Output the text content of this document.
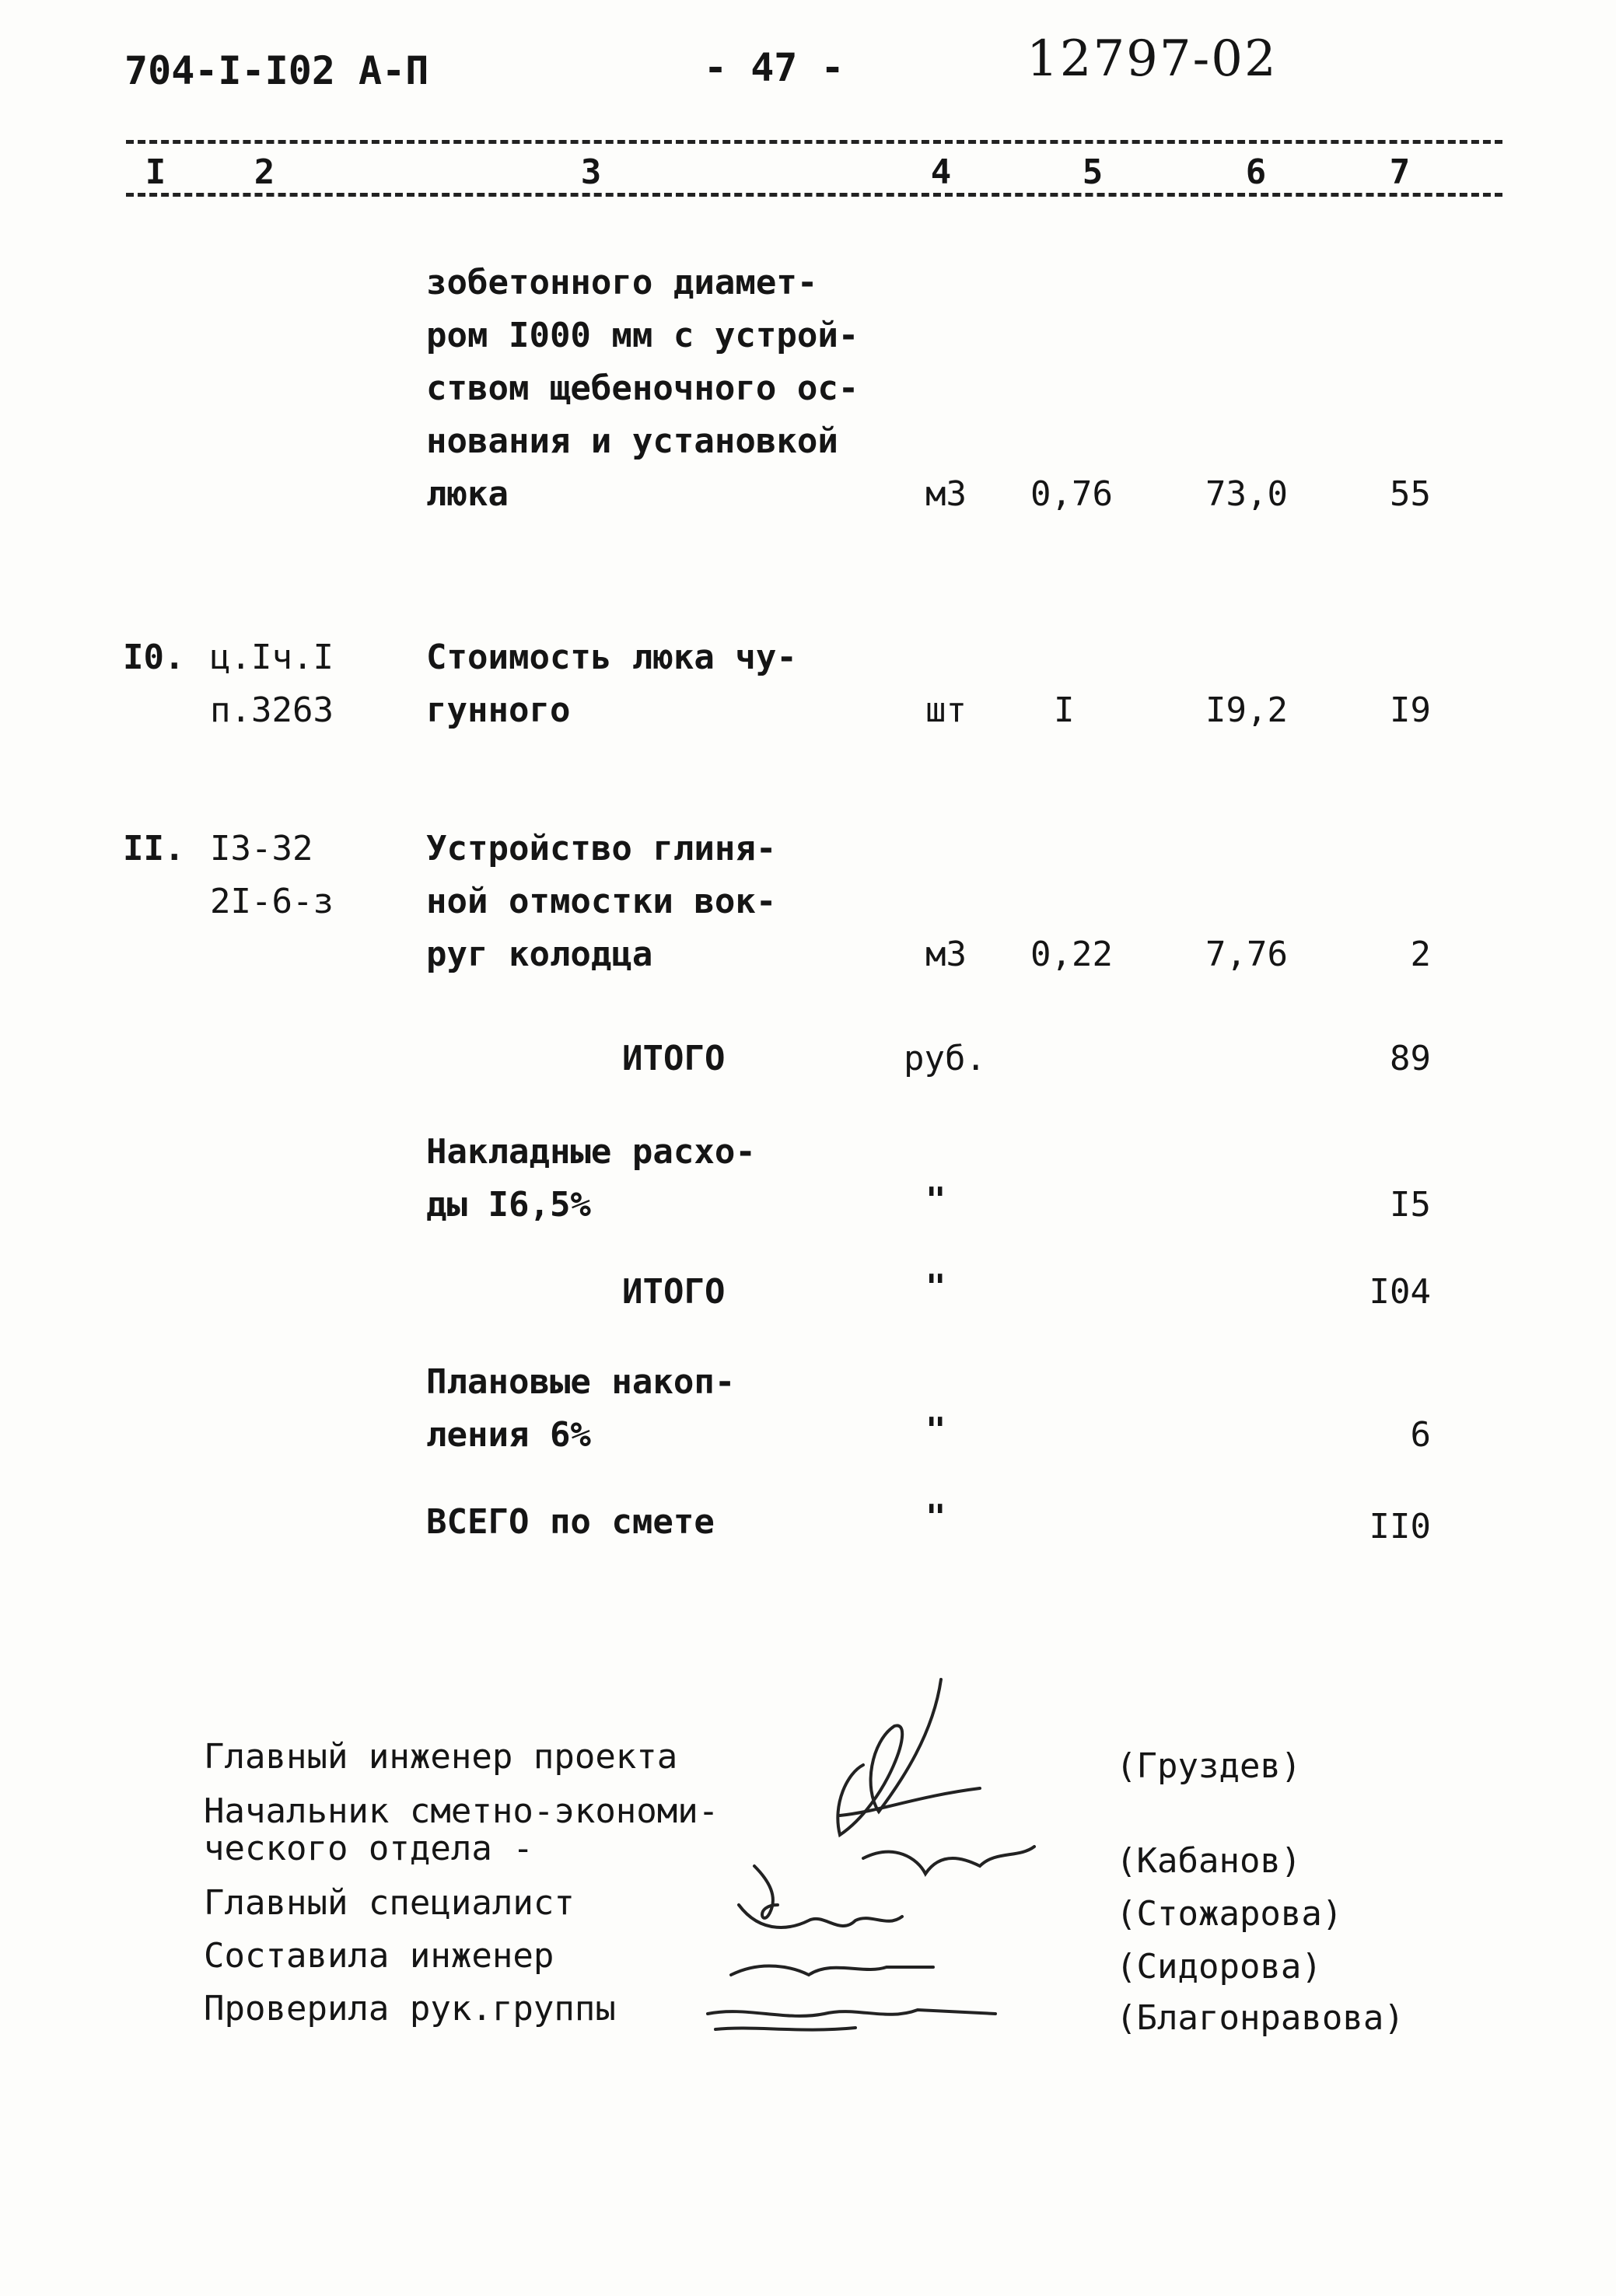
704-I-I02 А-П	- 47 -	12797-02
I	2	3	4	5	6	7
зобетонного диамет-
ром I000 мм с устрой-
ством щебеночного ос-
нования и установкой
люка	м3 0,76	73,0	55
I0. ц.Iч.I
п.3263
Стоимость люка чу-
гунного	шт	I	I9,2	I9
II. I3-32
2I-6-з
Устройство глиня-
ной отмостки вок-
руг колодца	м3 0,22	7,76	2
ИТОГО	руб.	89
Накладные расхо-
ды I6,5%	"	I5
ИТОГО	"	I04
Плановые накоп-
ления 6%	"	6
ВСЕГО по смете	"	II0
Главный инженер проекта
Начальник сметно-экономи-
ческого отдела -
Главный специалист
Составила инженер
Проверила рук.группы
(Груздев)
(Кабанов)
(Стожарова)
(Сидорова)
(Благонравова)
